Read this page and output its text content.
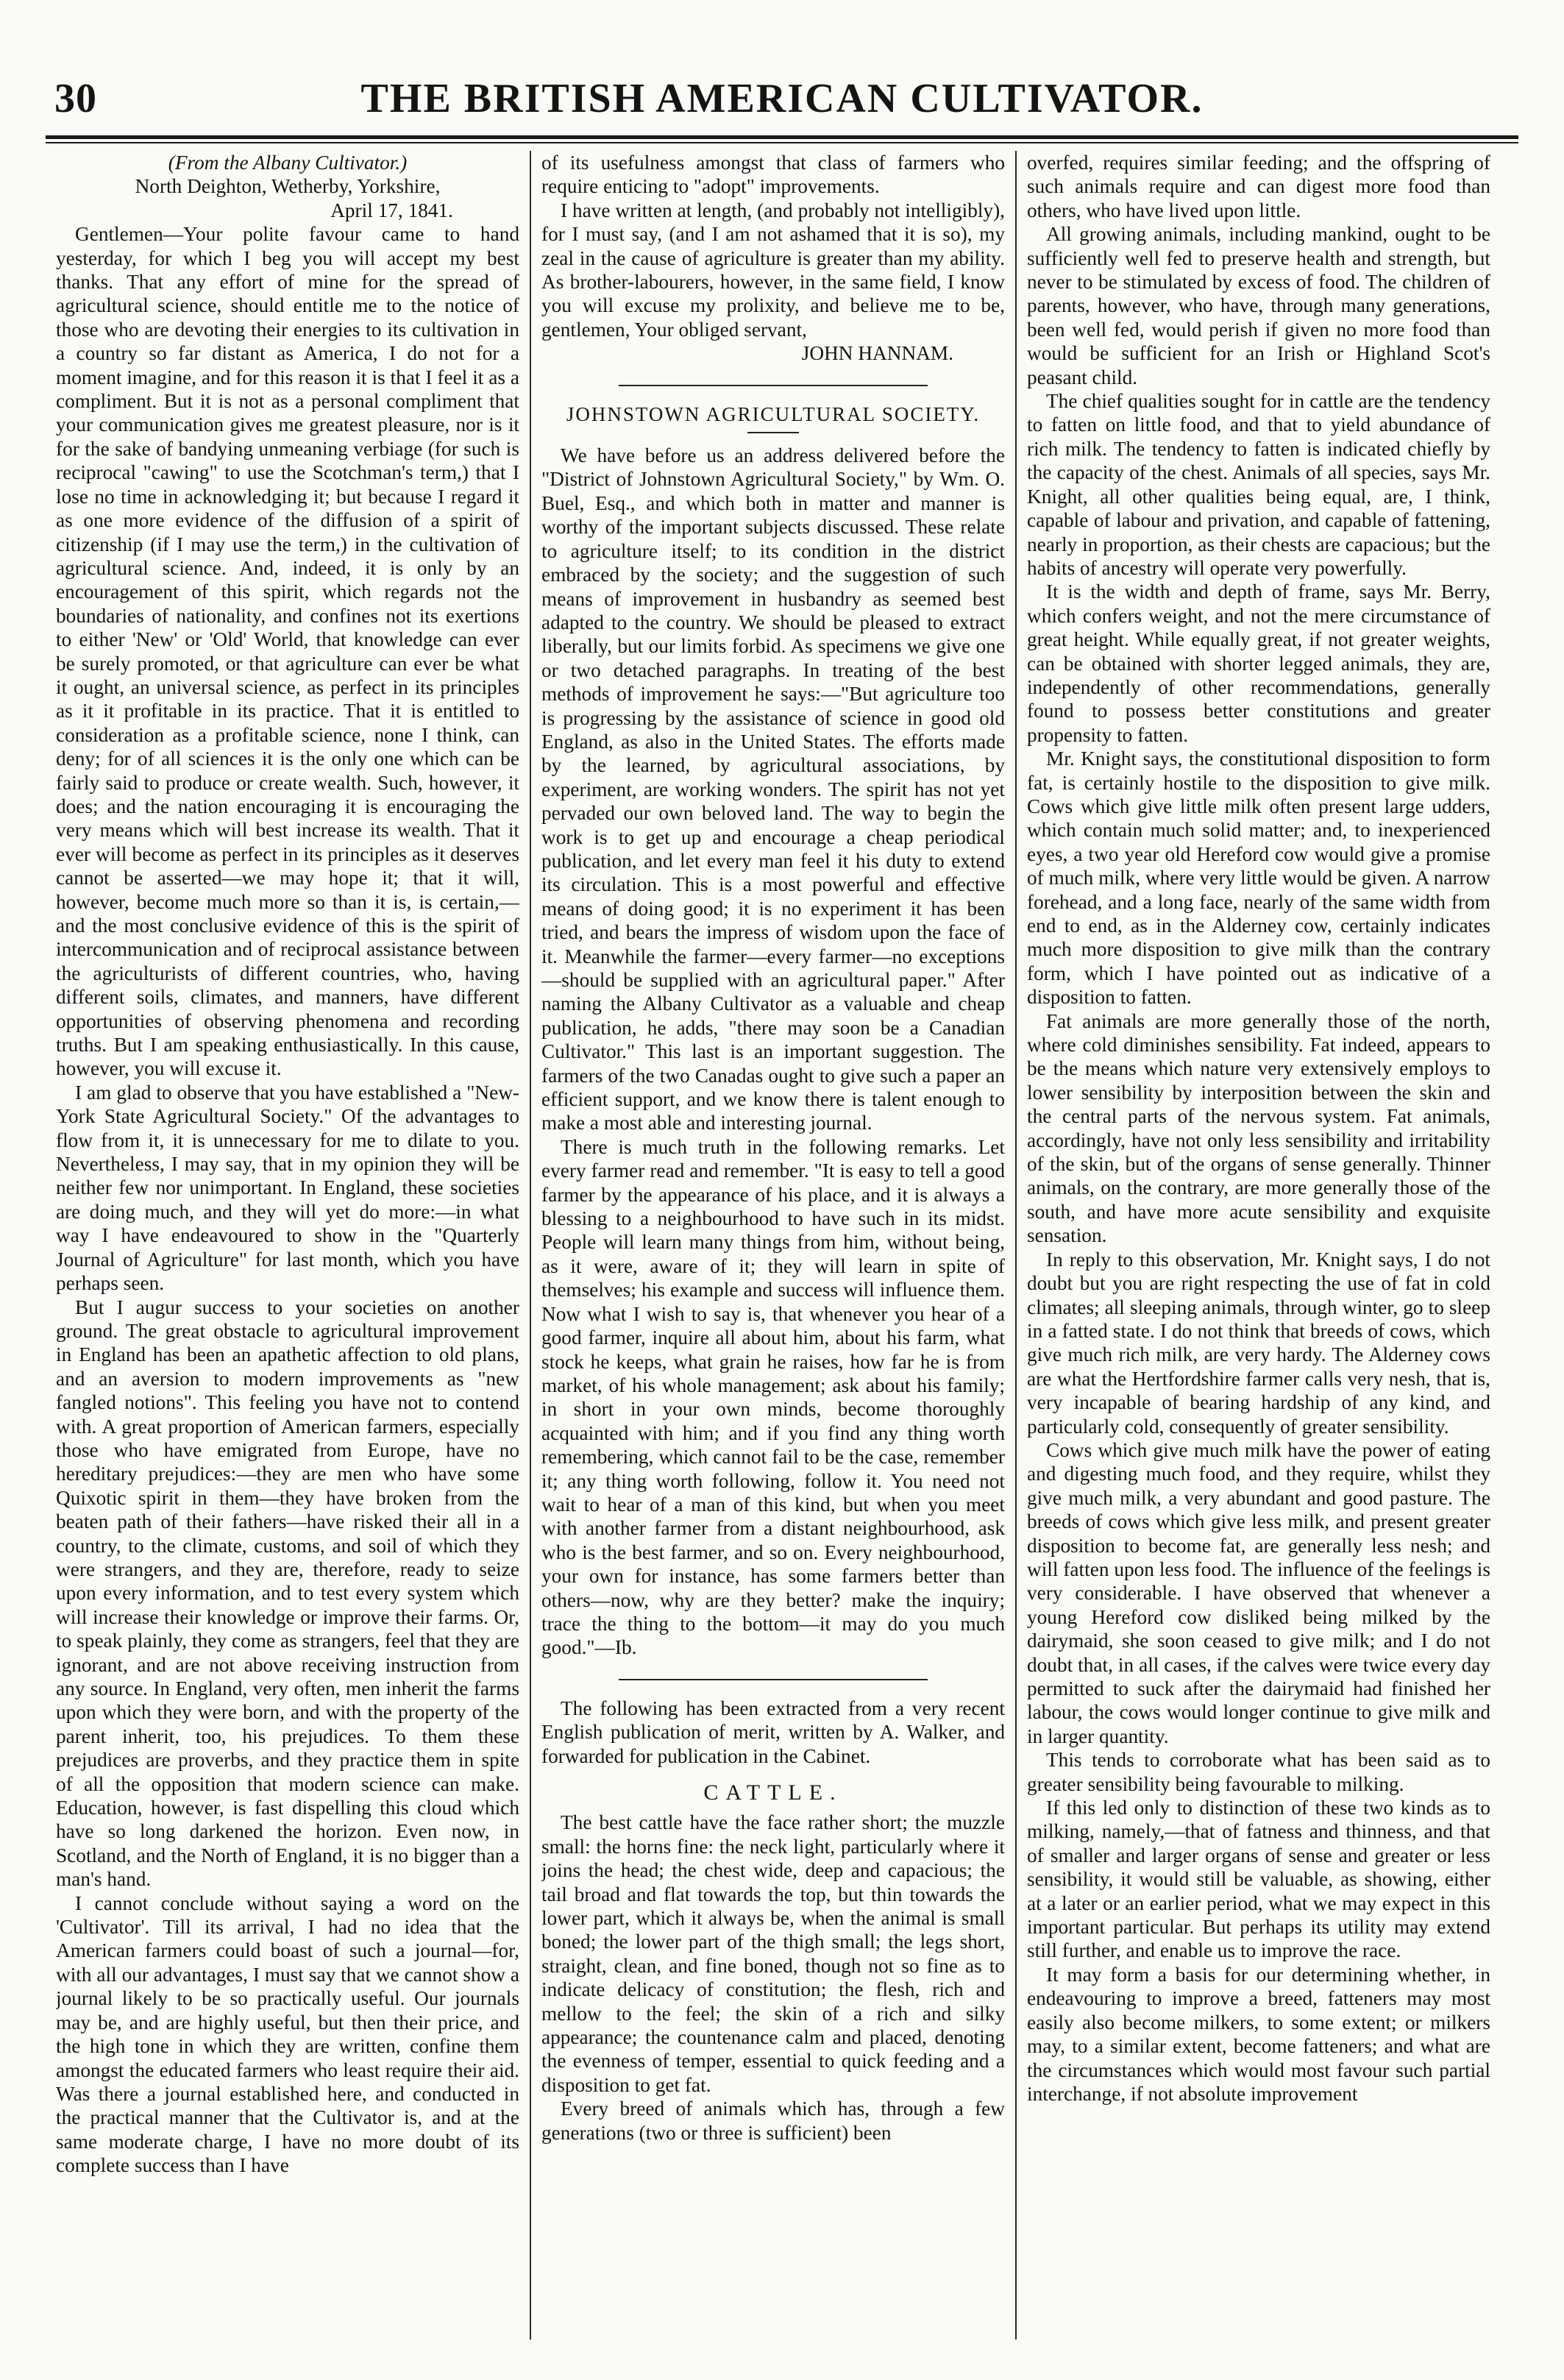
30	THE BRITISH AMERICAN CULTIVATOR.

(From the Albany Cultivator.)

North Deighton, Wetherby, Yorkshire,

April 17, 1841.

Gentlemen—Your polite favour came to hand yesterday, for which I beg you will accept my best thanks. That any effort of mine for the spread of agricultural science, should entitle me to the notice of those who are devoting their energies to its cultivation in a country so far distant as America, I do not for a moment imagine, and for this reason it is that I feel it as a compliment. But it is not as a personal compliment that your communication gives me greatest pleasure, nor is it for the sake of bandying unmeaning verbiage (for such is reciprocal "cawing" to use the Scotchman's term,) that I lose no time in acknowledging it; but because I regard it as one more evidence of the diffusion of a spirit of citizenship (if I may use the term,) in the cultivation of agricultural science. And, indeed, it is only by an encouragement of this spirit, which regards not the boundaries of nationality, and confines not its exertions to either 'New' or 'Old' World, that knowledge can ever be surely promoted, or that agriculture can ever be what it ought, an universal science, as perfect in its principles as it it profitable in its practice. That it is entitled to consideration as a profitable science, none I think, can deny; for of all sciences it is the only one which can be fairly said to produce or create wealth. Such, however, it does; and the nation encouraging it is encouraging the very means which will best increase its wealth. That it ever will become as perfect in its principles as it deserves cannot be asserted—we may hope it; that it will, however, become much more so than it is, is certain,—and the most conclusive evidence of this is the spirit of intercommunication and of reciprocal assistance between the agriculturists of different countries, who, having different soils, climates, and manners, have different opportunities of observing phenomena and recording truths. But I am speaking enthusiastically. In this cause, however, you will excuse it.

I am glad to observe that you have established a "New-York State Agricultural Society." Of the advantages to flow from it, it is unnecessary for me to dilate to you. Nevertheless, I may say, that in my opinion they will be neither few nor unimportant. In England, these societies are doing much, and they will yet do more:—in what way I have endeavoured to show in the "Quarterly Journal of Agriculture" for last month, which you have perhaps seen.

But I augur success to your societies on another ground. The great obstacle to agricultural improvement in England has been an apathetic affection to old plans, and an aversion to modern improvements as "new fangled notions". This feeling you have not to contend with. A great proportion of American farmers, especially those who have emigrated from Europe, have no hereditary prejudices:—they are men who have some Quixotic spirit in them—they have broken from the beaten path of their fathers—have risked their all in a country, to the climate, customs, and soil of which they were strangers, and they are, therefore, ready to seize upon every information, and to test every system which will increase their knowledge or improve their farms. Or, to speak plainly, they come as strangers, feel that they are ignorant, and are not above receiving instruction from any source. In England, very often, men inherit the farms upon which they were born, and with the property of the parent inherit, too, his prejudices. To them these prejudices are proverbs, and they practice them in spite of all the opposition that modern science can make. Education, however, is fast dispelling this cloud which have so long darkened the horizon. Even now, in Scotland, and the North of England, it is no bigger than a man's hand.

I cannot conclude without saying a word on the 'Cultivator'. Till its arrival, I had no idea that the American farmers could boast of such a journal—for, with all our advantages, I must say that we cannot show a journal likely to be so practically useful. Our journals may be, and are highly useful, but then their price, and the high tone in which they are written, confine them amongst the educated farmers who least require their aid. Was there a journal established here, and conducted in the practical manner that the Cultivator is, and at the same moderate charge, I have no more doubt of its complete success than I have

of its usefulness amongst that class of farmers who require enticing to "adopt" improvements.

I have written at length, (and probably not intelligibly), for I must say, (and I am not ashamed that it is so), my zeal in the cause of agriculture is greater than my ability. As brother-labourers, however, in the same field, I know you will excuse my prolixity, and believe me to be, gentlemen, Your obliged servant,

JOHN HANNAM.

JOHNSTOWN AGRICULTURAL SOCIETY.

We have before us an address delivered before the "District of Johnstown Agricultural Society," by Wm. O. Buel, Esq., and which both in matter and manner is worthy of the important subjects discussed. These relate to agriculture itself; to its condition in the district embraced by the society; and the suggestion of such means of improvement in husbandry as seemed best adapted to the country. We should be pleased to extract liberally, but our limits forbid. As specimens we give one or two detached paragraphs. In treating of the best methods of improvement he says:—"But agriculture too is progressing by the assistance of science in good old England, as also in the United States. The efforts made by the learned, by agricultural associations, by experiment, are working wonders. The spirit has not yet pervaded our own beloved land. The way to begin the work is to get up and encourage a cheap periodical publication, and let every man feel it his duty to extend its circulation. This is a most powerful and effective means of doing good; it is no experiment it has been tried, and bears the impress of wisdom upon the face of it. Meanwhile the farmer—every farmer—no exceptions—should be supplied with an agricultural paper." After naming the Albany Cultivator as a valuable and cheap publication, he adds, "there may soon be a Canadian Cultivator." This last is an important suggestion. The farmers of the two Canadas ought to give such a paper an efficient support, and we know there is talent enough to make a most able and interesting journal.

There is much truth in the following remarks. Let every farmer read and remember. "It is easy to tell a good farmer by the appearance of his place, and it is always a blessing to a neighbourhood to have such in its midst. People will learn many things from him, without being, as it were, aware of it; they will learn in spite of themselves; his example and success will influence them. Now what I wish to say is, that whenever you hear of a good farmer, inquire all about him, about his farm, what stock he keeps, what grain he raises, how far he is from market, of his whole management; ask about his family; in short in your own minds, become thoroughly acquainted with him; and if you find any thing worth remembering, which cannot fail to be the case, remember it; any thing worth following, follow it. You need not wait to hear of a man of this kind, but when you meet with another farmer from a distant neighbourhood, ask who is the best farmer, and so on. Every neighbourhood, your own for instance, has some farmers better than others—now, why are they better? make the inquiry; trace the thing to the bottom—it may do you much good."—Ib.

The following has been extracted from a very recent English publication of merit, written by A. Walker, and forwarded for publication in the Cabinet.

CATTLE.

The best cattle have the face rather short; the muzzle small: the horns fine: the neck light, particularly where it joins the head; the chest wide, deep and capacious; the tail broad and flat towards the top, but thin towards the lower part, which it always be, when the animal is small boned; the lower part of the thigh small; the legs short, straight, clean, and fine boned, though not so fine as to indicate delicacy of constitution; the flesh, rich and mellow to the feel; the skin of a rich and silky appearance; the countenance calm and placed, denoting the evenness of temper, essential to quick feeding and a disposition to get fat.

Every breed of animals which has, through a few generations (two or three is sufficient) been

overfed, requires similar feeding; and the offspring of such animals require and can digest more food than others, who have lived upon little.

All growing animals, including mankind, ought to be sufficiently well fed to preserve health and strength, but never to be stimulated by excess of food. The children of parents, however, who have, through many generations, been well fed, would perish if given no more food than would be sufficient for an Irish or Highland Scot's peasant child.

The chief qualities sought for in cattle are the tendency to fatten on little food, and that to yield abundance of rich milk. The tendency to fatten is indicated chiefly by the capacity of the chest. Animals of all species, says Mr. Knight, all other qualities being equal, are, I think, capable of labour and privation, and capable of fattening, nearly in proportion, as their chests are capacious; but the habits of ancestry will operate very powerfully.

It is the width and depth of frame, says Mr. Berry, which confers weight, and not the mere circumstance of great height. While equally great, if not greater weights, can be obtained with shorter legged animals, they are, independently of other recommendations, generally found to possess better constitutions and greater propensity to fatten.

Mr. Knight says, the constitutional disposition to form fat, is certainly hostile to the disposition to give milk. Cows which give little milk often present large udders, which contain much solid matter; and, to inexperienced eyes, a two year old Hereford cow would give a promise of much milk, where very little would be given. A narrow forehead, and a long face, nearly of the same width from end to end, as in the Alderney cow, certainly indicates much more disposition to give milk than the contrary form, which I have pointed out as indicative of a disposition to fatten.

Fat animals are more generally those of the north, where cold diminishes sensibility. Fat indeed, appears to be the means which nature very extensively employs to lower sensibility by interposition between the skin and the central parts of the nervous system. Fat animals, accordingly, have not only less sensibility and irritability of the skin, but of the organs of sense generally. Thinner animals, on the contrary, are more generally those of the south, and have more acute sensibility and exquisite sensation.

In reply to this observation, Mr. Knight says, I do not doubt but you are right respecting the use of fat in cold climates; all sleeping animals, through winter, go to sleep in a fatted state. I do not think that breeds of cows, which give much rich milk, are very hardy. The Alderney cows are what the Hertfordshire farmer calls very nesh, that is, very incapable of bearing hardship of any kind, and particularly cold, consequently of greater sensibility.

Cows which give much milk have the power of eating and digesting much food, and they require, whilst they give much milk, a very abundant and good pasture. The breeds of cows which give less milk, and present greater disposition to become fat, are generally less nesh; and will fatten upon less food. The influence of the feelings is very considerable. I have observed that whenever a young Hereford cow disliked being milked by the dairymaid, she soon ceased to give milk; and I do not doubt that, in all cases, if the calves were twice every day permitted to suck after the dairymaid had finished her labour, the cows would longer continue to give milk and in larger quantity.

This tends to corroborate what has been said as to greater sensibility being favourable to milking.

If this led only to distinction of these two kinds as to milking, namely,—that of fatness and thinness, and that of smaller and larger organs of sense and greater or less sensibility, it would still be valuable, as showing, either at a later or an earlier period, what we may expect in this important particular. But perhaps its utility may extend still further, and enable us to improve the race.

It may form a basis for our determining whether, in endeavouring to improve a breed, fatteners may most easily also become milkers, to some extent; or milkers may, to a similar extent, become fatteners; and what are the circumstances which would most favour such partial interchange, if not absolute improvement
